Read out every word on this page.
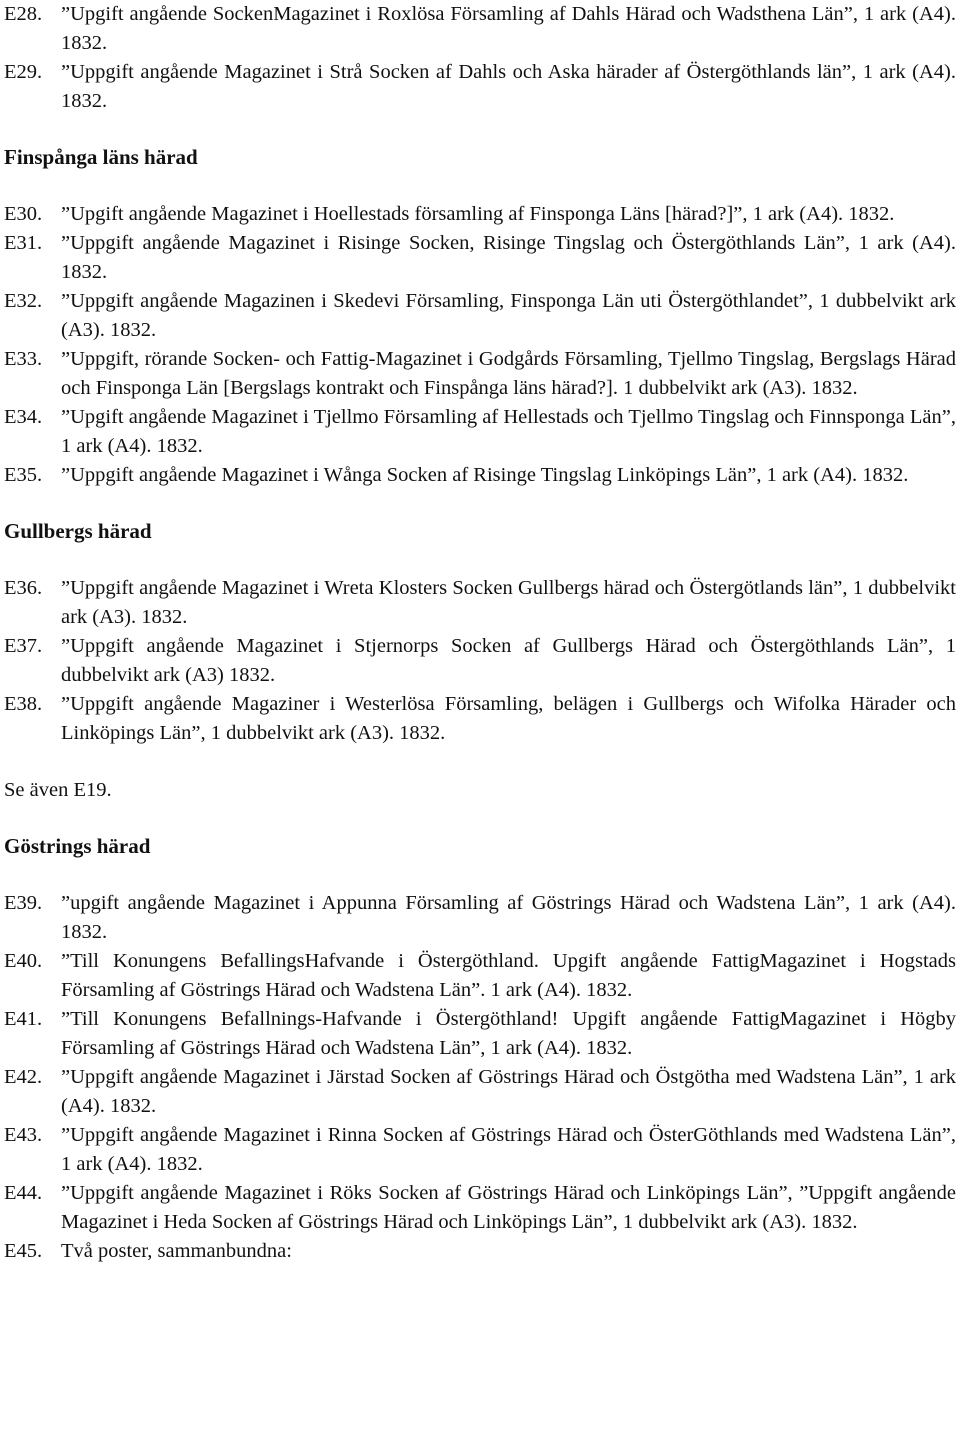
E28. ”Upgift angående SockenMagazinet i Roxlösa Församling af Dahls Härad och Wadsthena Län”, 1 ark (A4). 1832.
E29. ”Uppgift angående Magazinet i Strå Socken af Dahls och Aska härader af Östergöthlands län”, 1 ark (A4). 1832.
Finspånga läns härad
E30. ”Upgift angående Magazinet i Hoellestads församling af Finsponga Läns [härad?]”, 1 ark (A4). 1832.
E31. ”Uppgift angående Magazinet i Risinge Socken, Risinge Tingslag och Östergöthlands Län”, 1 ark (A4). 1832.
E32. ”Uppgift angående Magazinen i Skedevi Församling, Finsponga Län uti Östergöthlandet”, 1 dubbelvikt ark (A3). 1832.
E33. ”Uppgift, rörande Socken- och Fattig-Magazinet i Godgårds Församling, Tjellmo Tingslag, Bergslags Härad och Finsponga Län [Bergslags kontrakt och Finspånga läns härad?]. 1 dubbelvikt ark (A3). 1832.
E34. ”Upgift angående Magazinet i Tjellmo Församling af Hellestads och Tjellmo Tingslag och Finnsponga Län”, 1 ark (A4). 1832.
E35. ”Uppgift angående Magazinet i Wånga Socken af Risinge Tingslag Linköpings Län”, 1 ark (A4). 1832.
Gullbergs härad
E36. ”Uppgift angående Magazinet i Wreta Klosters Socken Gullbergs härad och Östergötlands län”, 1 dubbelvikt ark (A3). 1832.
E37. ”Uppgift angående Magazinet i Stjernorps Socken af Gullbergs Härad och Östergöthlands Län”, 1 dubbelvikt ark (A3) 1832.
E38. ”Uppgift angående Magaziner i Westerlösa Församling, belägen i Gullbergs och Wifolka Härader och Linköpings Län”, 1 dubbelvikt ark (A3). 1832.
Se även E19.
Göstrings härad
E39. ”upgift angående Magazinet i Appunna Församling af Göstrings Härad och Wadstena Län”, 1 ark (A4). 1832.
E40. ”Till Konungens BefallingsHafvande i Östergöthland. Upgift angående FattigMagazinet i Hogstads Församling af Göstrings Härad och Wadstena Län”. 1 ark (A4). 1832.
E41. ”Till Konungens Befallnings-Hafvande i Östergöthland! Upgift angående FattigMagazinet i Högby Församling af Göstrings Härad och Wadstena Län”, 1 ark (A4). 1832.
E42. ”Uppgift angående Magazinet i Järstad Socken af Göstrings Härad och Östgötha med Wadstena Län”, 1 ark (A4). 1832.
E43. ”Uppgift angående Magazinet i Rinna Socken af Göstrings Härad och ÖsterGöthlands med Wadstena Län”, 1 ark (A4). 1832.
E44. ”Uppgift angående Magazinet i Röks Socken af Göstrings Härad och Linköpings Län”, ”Uppgift angående Magazinet i Heda Socken af Göstrings Härad och Linköpings Län”, 1 dubbelvikt ark (A3). 1832.
E45. Två poster, sammanbundna:
